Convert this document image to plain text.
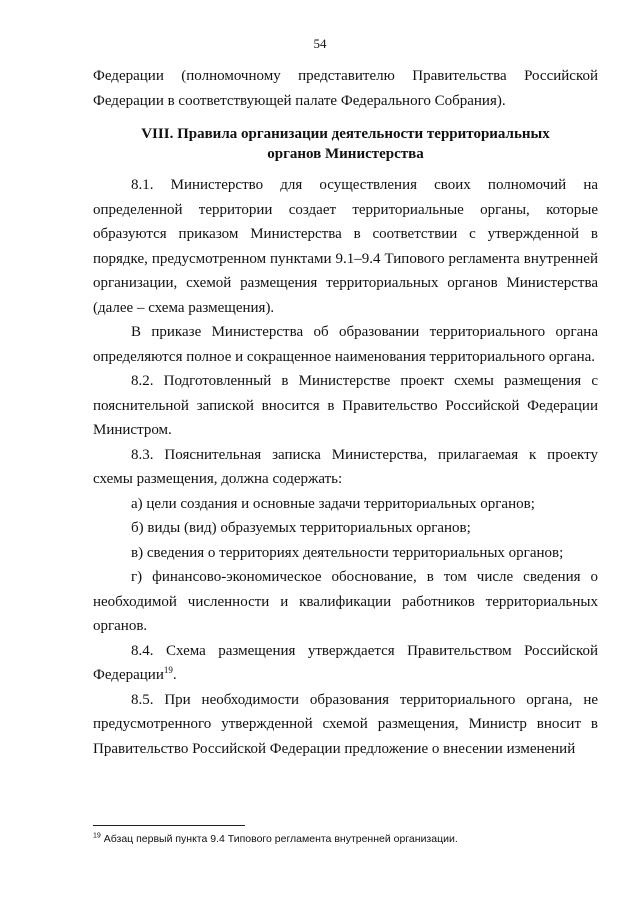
54

Федерации (полномочному представителю Правительства Российской Федерации в соответствующей палате Федерального Собрания).

VIII. Правила организации деятельности территориальных
органов Министерства

8.1. Министерство для осуществления своих полномочий на определенной территории создает территориальные органы, которые образуются приказом Министерства в соответствии с утвержденной в порядке, предусмотренном пунктами 9.1–9.4 Типового регламента внутренней организации, схемой размещения территориальных органов Министерства (далее – схема размещения).

В приказе Министерства об образовании территориального органа определяются полное и сокращенное наименования территориального органа.

8.2. Подготовленный в Министерстве проект схемы размещения с пояснительной запиской вносится в Правительство Российской Федерации Министром.

8.3. Пояснительная записка Министерства, прилагаемая к проекту схемы размещения, должна содержать:

а) цели создания и основные задачи территориальных органов;

б) виды (вид) образуемых территориальных органов;

в) сведения о территориях деятельности территориальных органов;

г) финансово-экономическое обоснование, в том числе сведения о необходимой численности и квалификации работников территориальных органов.

8.4. Схема размещения утверждается Правительством Российской Федерации$^{19}$.

8.5. При необходимости образования территориального органа, не предусмотренного утвержденной схемой размещения, Министр вносит в Правительство Российской Федерации предложение о внесении изменений

$^{19}$ Абзац первый пункта 9.4 Типового регламента внутренней организации.
